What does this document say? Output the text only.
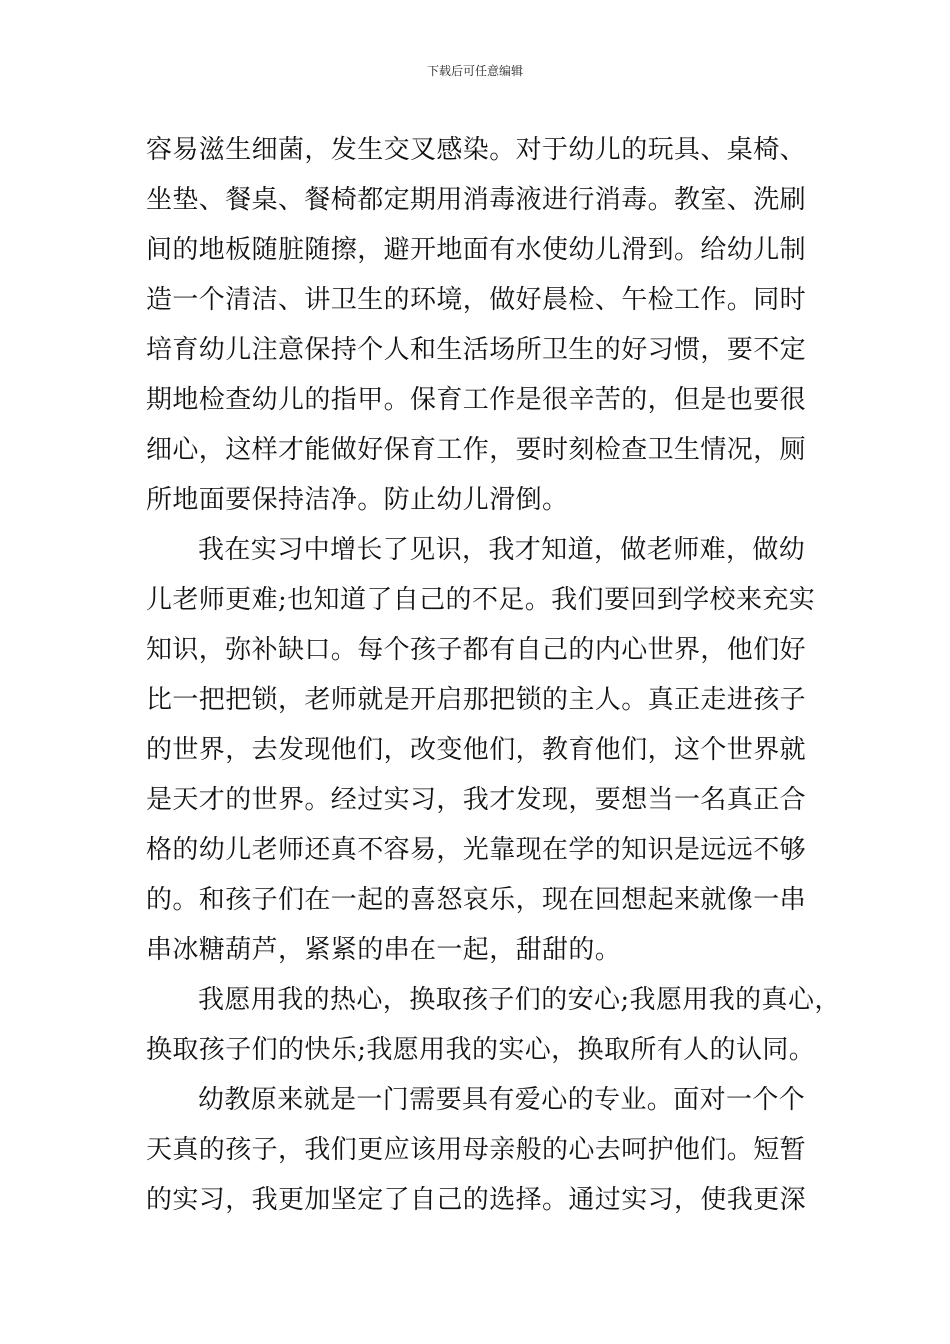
下载后可任意编辑
容易滋生细菌，发生交叉感染。对于幼儿的玩具、桌椅、
坐垫、餐桌、餐椅都定期用消毒液进行消毒。教室、洗刷
间的地板随脏随擦，避开地面有水使幼儿滑到。给幼儿制
造一个清洁、讲卫生的环境，做好晨检、午检工作。同时
培育幼儿注意保持个人和生活场所卫生的好习惯，要不定
期地检查幼儿的指甲。保育工作是很辛苦的，但是也要很
细心，这样才能做好保育工作，要时刻检查卫生情况，厕
所地面要保持洁净。防止幼儿滑倒。
我在实习中增长了见识，我才知道，做老师难，做幼
儿老师更难;也知道了自己的不足。我们要回到学校来充实
知识，弥补缺口。每个孩子都有自己的内心世界，他们好
比一把把锁，老师就是开启那把锁的主人。真正走进孩子
的世界，去发现他们，改变他们，教育他们，这个世界就
是天才的世界。经过实习，我才发现，要想当一名真正合
格的幼儿老师还真不容易，光靠现在学的知识是远远不够
的。和孩子们在一起的喜怒哀乐，现在回想起来就像一串
串冰糖葫芦，紧紧的串在一起，甜甜的。
我愿用我的热心，换取孩子们的安心;我愿用我的真心，
换取孩子们的快乐;我愿用我的实心，换取所有人的认同。
幼教原来就是一门需要具有爱心的专业。面对一个个
天真的孩子，我们更应该用母亲般的心去呵护他们。短暂
的实习，我更加坚定了自己的选择。通过实习，使我更深
